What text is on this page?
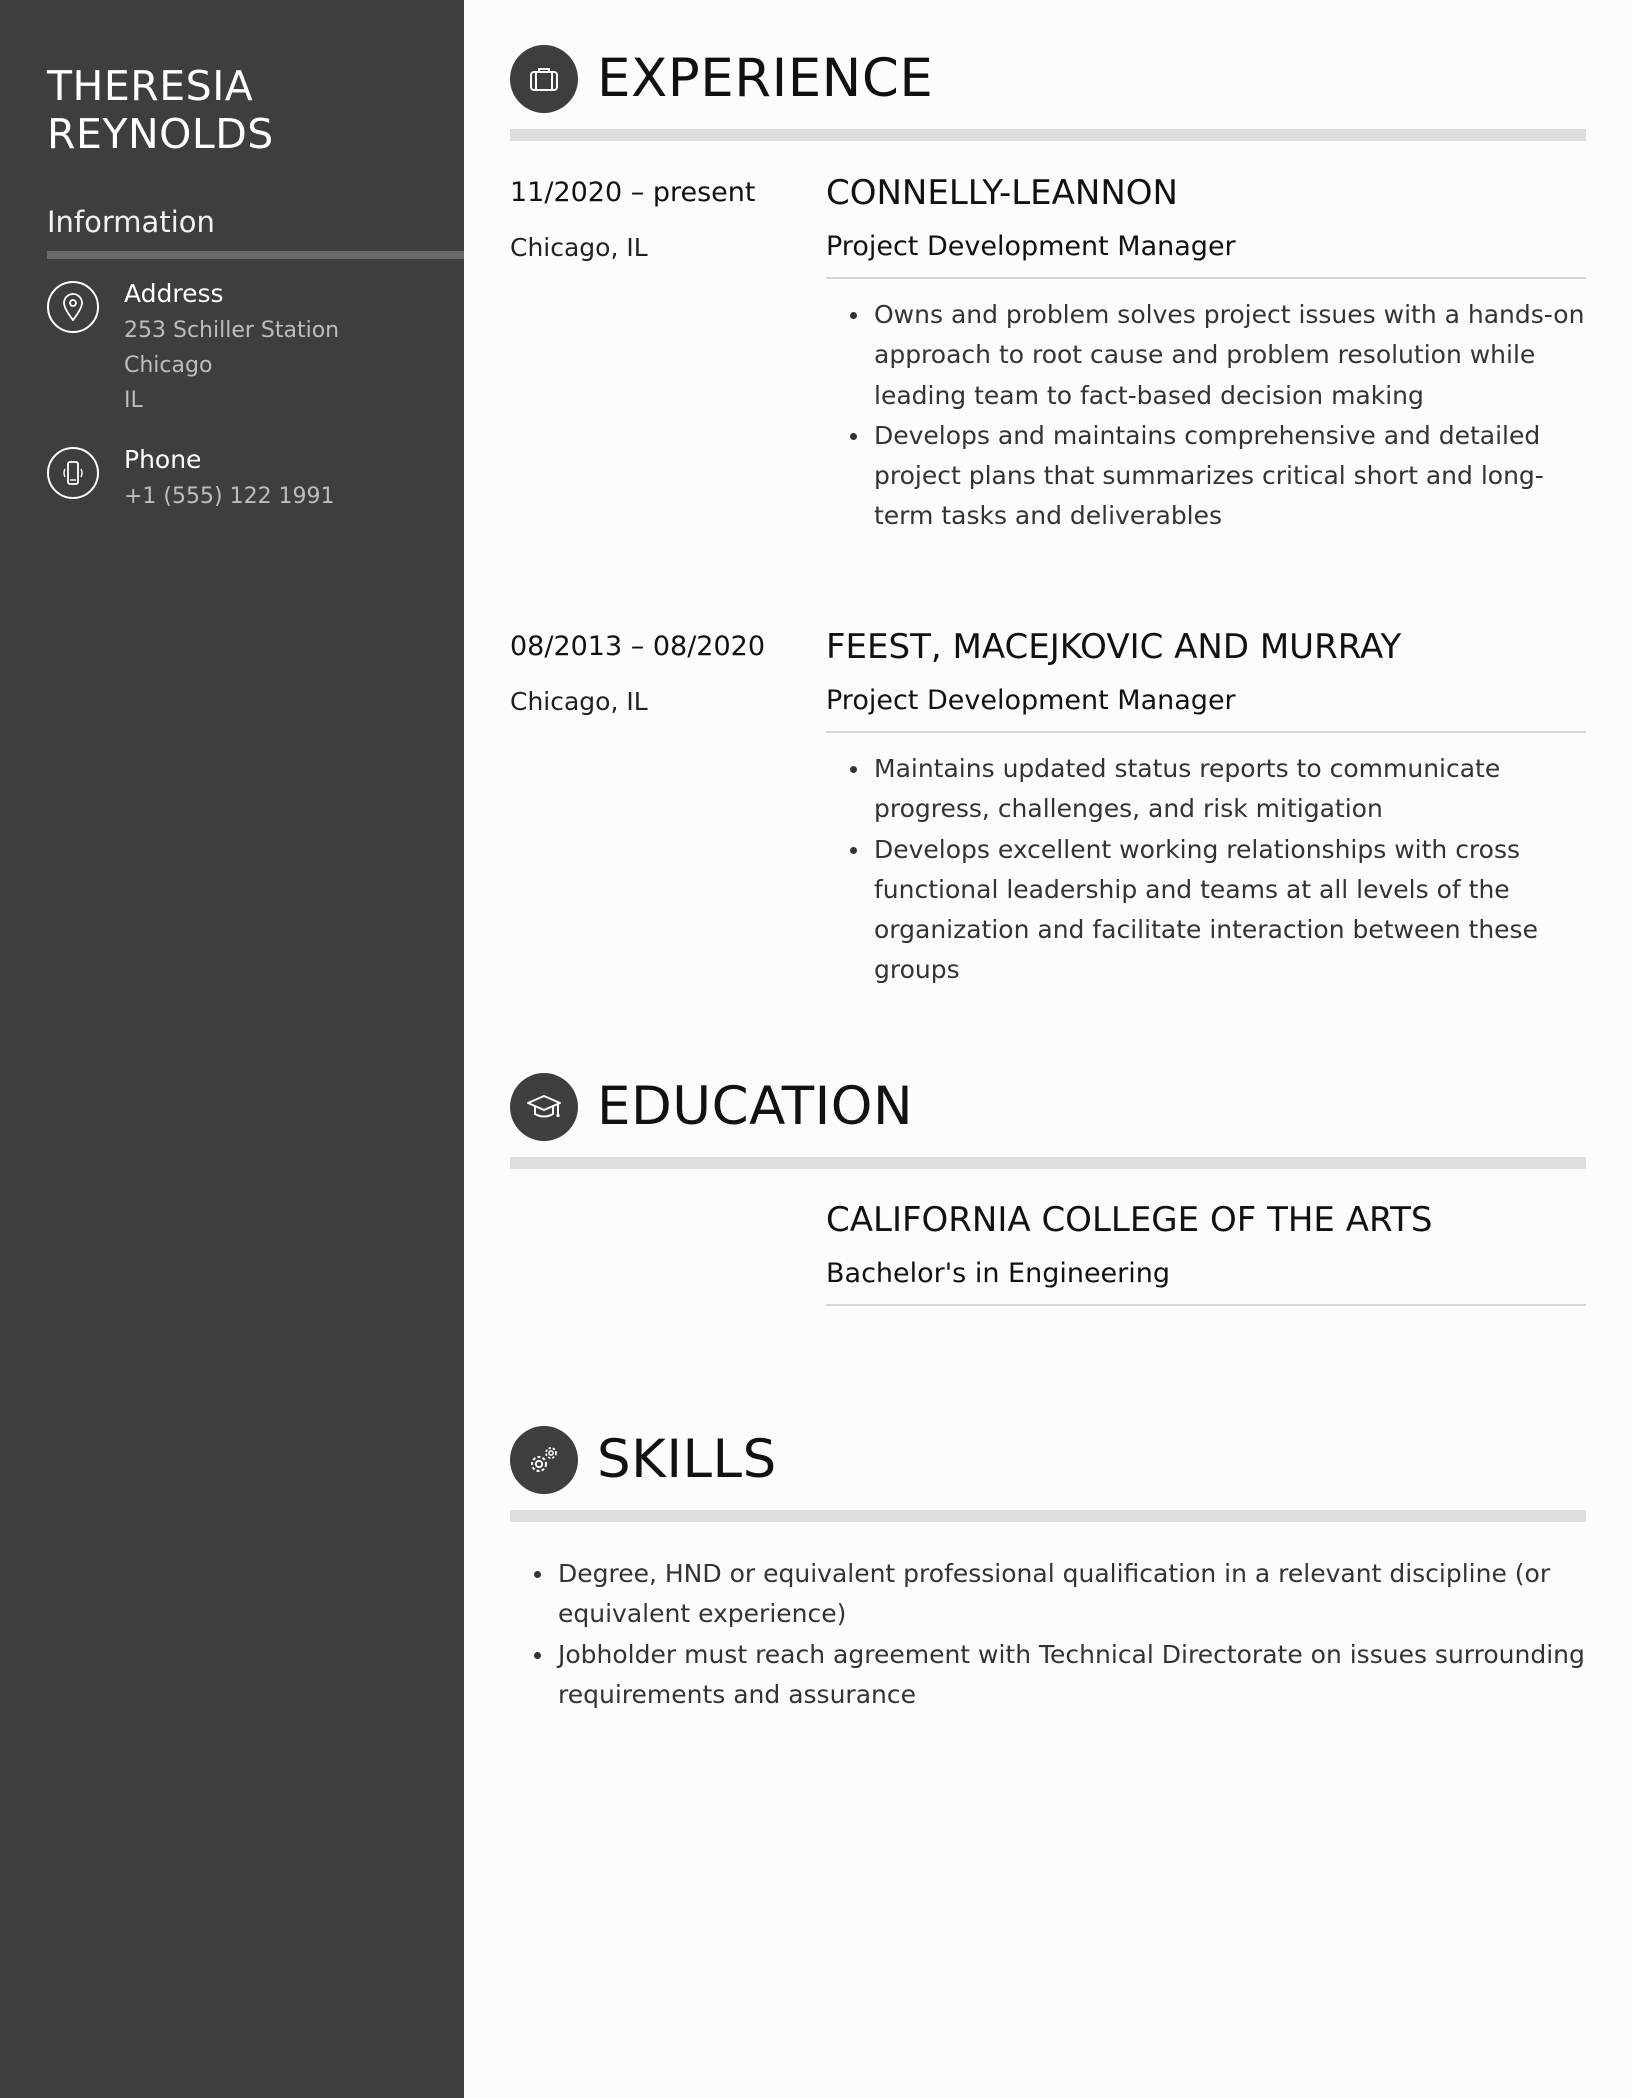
THERESIA
REYNOLDS
Information
Address
253 Schiller Station
Chicago
IL
Phone
+1 (555) 122 1991
EXPERIENCE
11/2020 – present
Chicago, IL
CONNELLY-LEANNON
Project Development Manager
Owns and problem solves project issues with a hands-on approach to root cause and problem resolution while leading team to fact-based decision making
Develops and maintains comprehensive and detailed project plans that summarizes critical short and long-term tasks and deliverables
08/2013 – 08/2020
Chicago, IL
FEEST, MACEJKOVIC AND MURRAY
Project Development Manager
Maintains updated status reports to communicate progress, challenges, and risk mitigation
Develops excellent working relationships with cross functional leadership and teams at all levels of the organization and facilitate interaction between these groups
EDUCATION
CALIFORNIA COLLEGE OF THE ARTS
Bachelor's in Engineering
SKILLS
Degree, HND or equivalent professional qualification in a relevant discipline (or equivalent experience)
Jobholder must reach agreement with Technical Directorate on issues surrounding requirements and assurance
